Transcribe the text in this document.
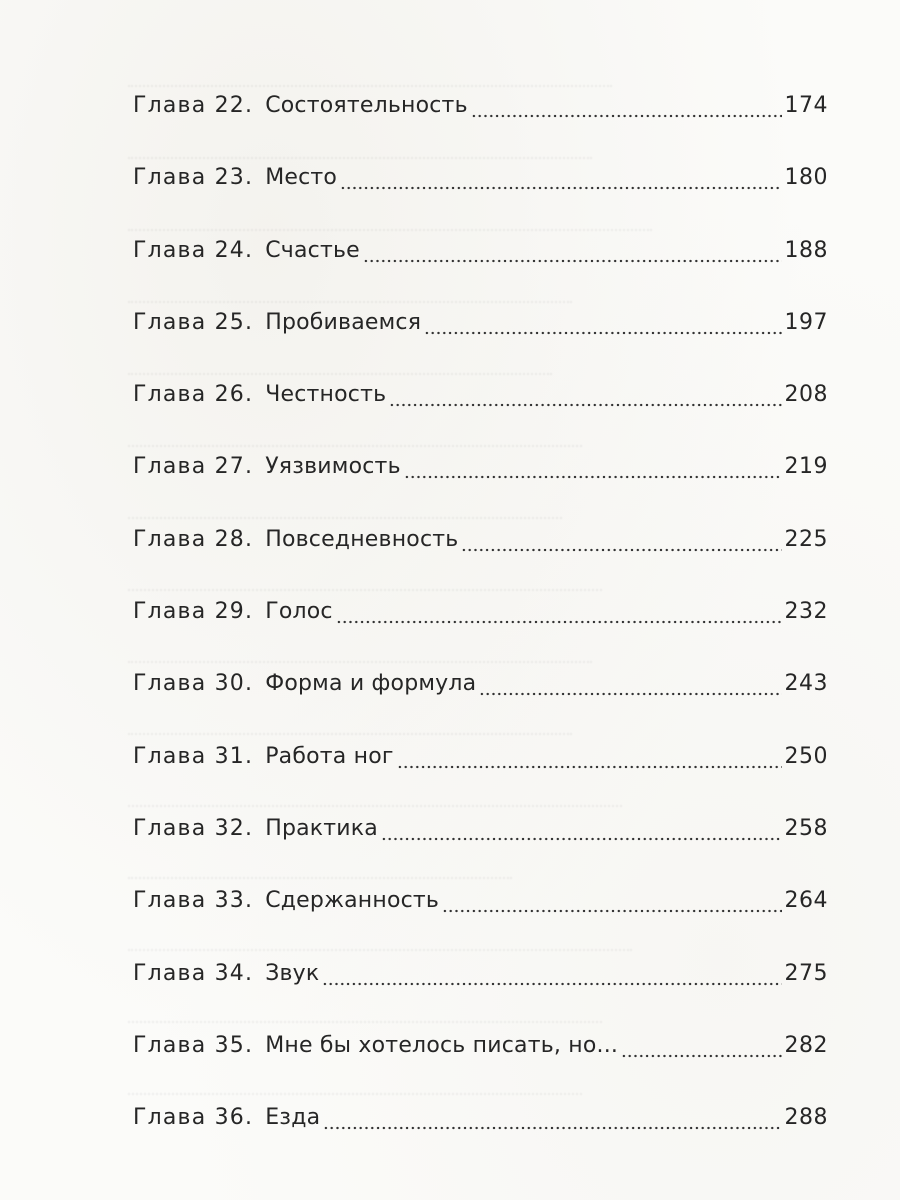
Глава 22. Состоятельность	174
Глава 23. Место	180
Глава 24. Счастье	188
Глава 25. Пробиваемся	197
Глава 26. Честность	208
Глава 27. Уязвимость	219
Глава 28. Повседневность	225
Глава 29. Голос	232
Глава 30. Форма и формула	243
Глава 31. Работа ног	250
Глава 32. Практика	258
Глава 33. Сдержанность	264
Глава 34. Звук	275
Глава 35. Мне бы хотелось писать, но...	282
Глава 36. Езда	288
